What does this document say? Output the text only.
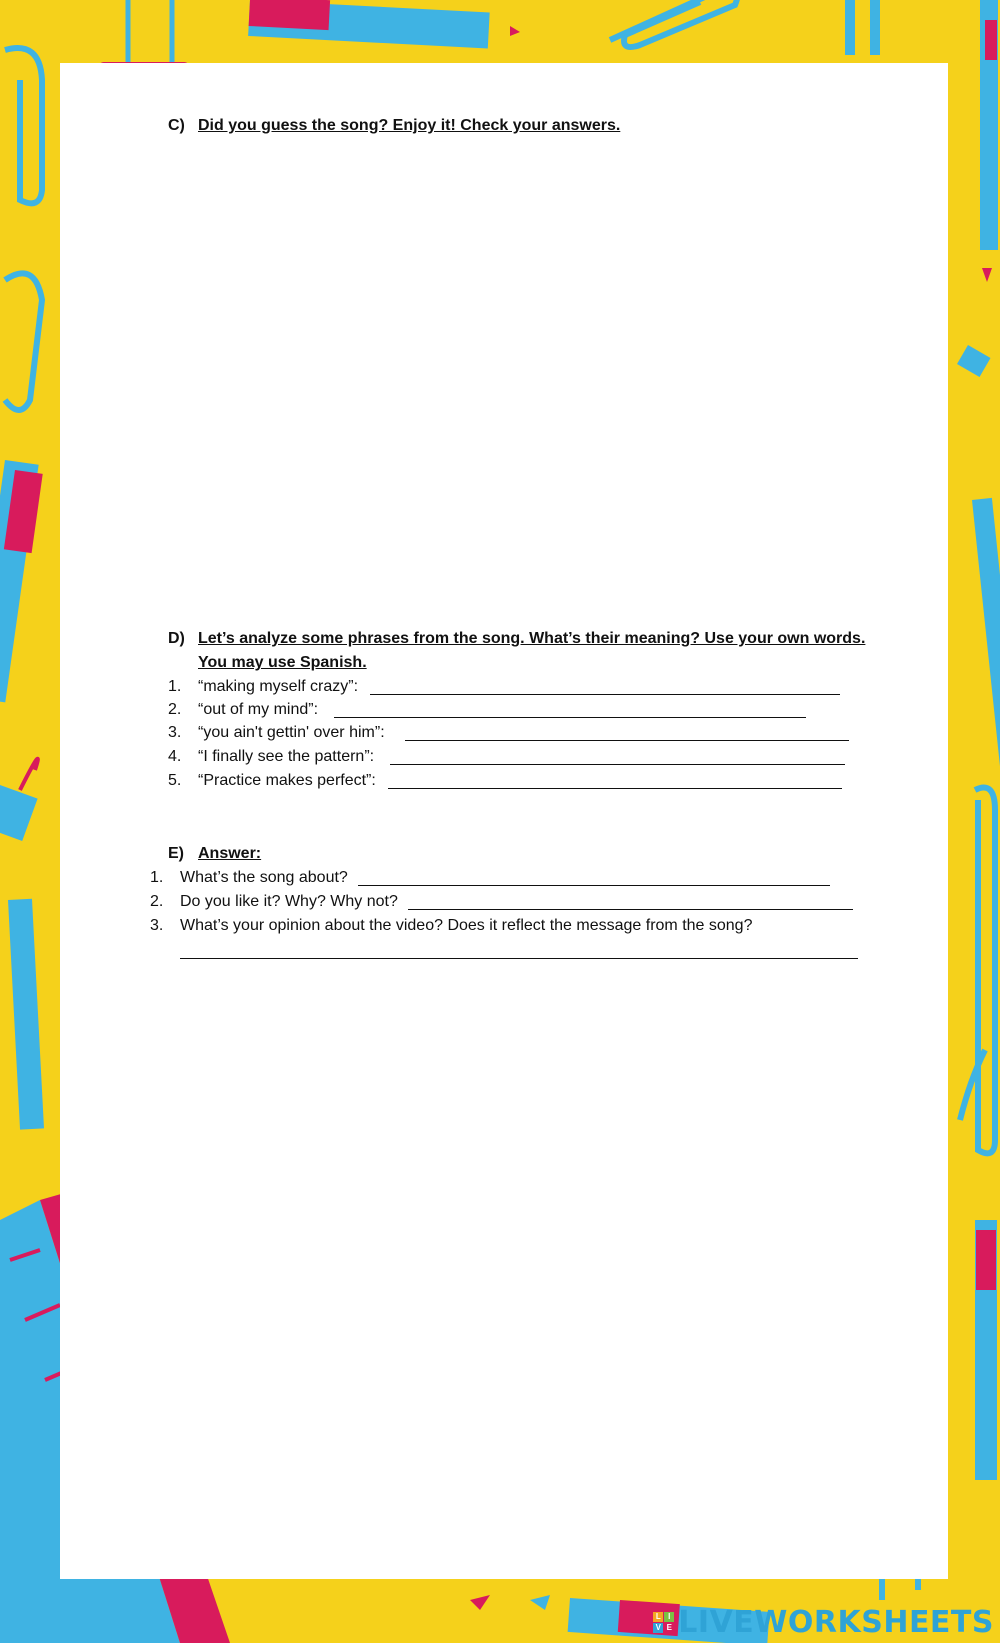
C) Did you guess the song? Enjoy it! Check your answers.
D) Let’s analyze some phrases from the song. What’s their meaning? Use your own words.
You may use Spanish.
1. “making myself crazy”:
2. “out of my mind”:
3. “you ain't gettin' over him”:
4. “I finally see the pattern”:
5. “Practice makes perfect”:
E) Answer:
1. What’s the song about?
2. Do you like it? Why? Why not?
3. What’s your opinion about the video? Does it reflect the message from the song?
L I
V E LIVEWORKSHEETS
